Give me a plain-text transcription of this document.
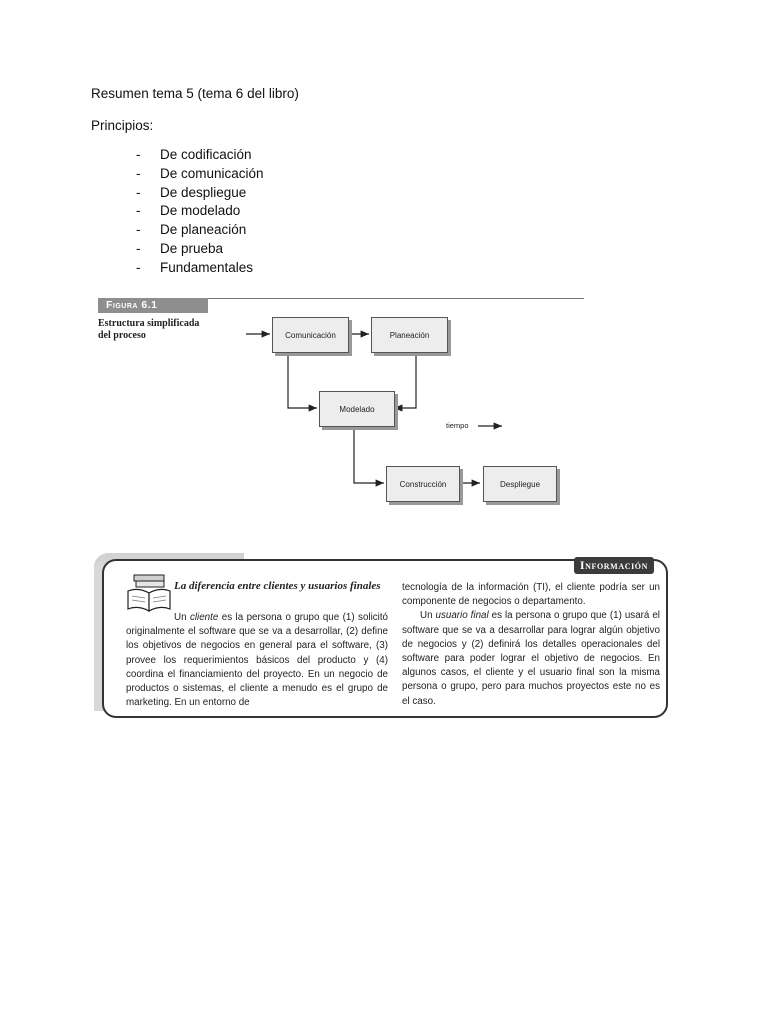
Resumen tema 5 (tema 6 del libro)
Principios:
-	De codificación
-	De comunicación
-	De despliegue
-	De modelado
-	De planeación
-	De prueba
-	Fundamentales
Figura 6.1
Estructura simplificada
del proceso	Comunicación	Planeación
Modelado
Construcción	Despliegue
tiempo
Información
La diferencia entre clientes y usuarios finales
Un cliente es la persona o grupo que (1) solicitó originalmente el software que se va a desarrollar, (2) define los objetivos de negocios en general para el software, (3) provee los requerimientos básicos del producto y (4) coordina el financiamiento del proyecto. En un negocio de productos o sistemas, el cliente a menudo es el grupo de marketing. En un entorno de
tecnología de la información (TI), el cliente podría ser un componente de negocios o departamento.
Un usuario final es la persona o grupo que (1) usará el software que se va a desarrollar para lograr algún objetivo de negocios y (2) definirá los detalles operacionales del software para poder lograr el objetivo de negocios. En algunos casos, el cliente y el usuario final son la misma persona o grupo, pero para muchos proyectos este no es el caso.
